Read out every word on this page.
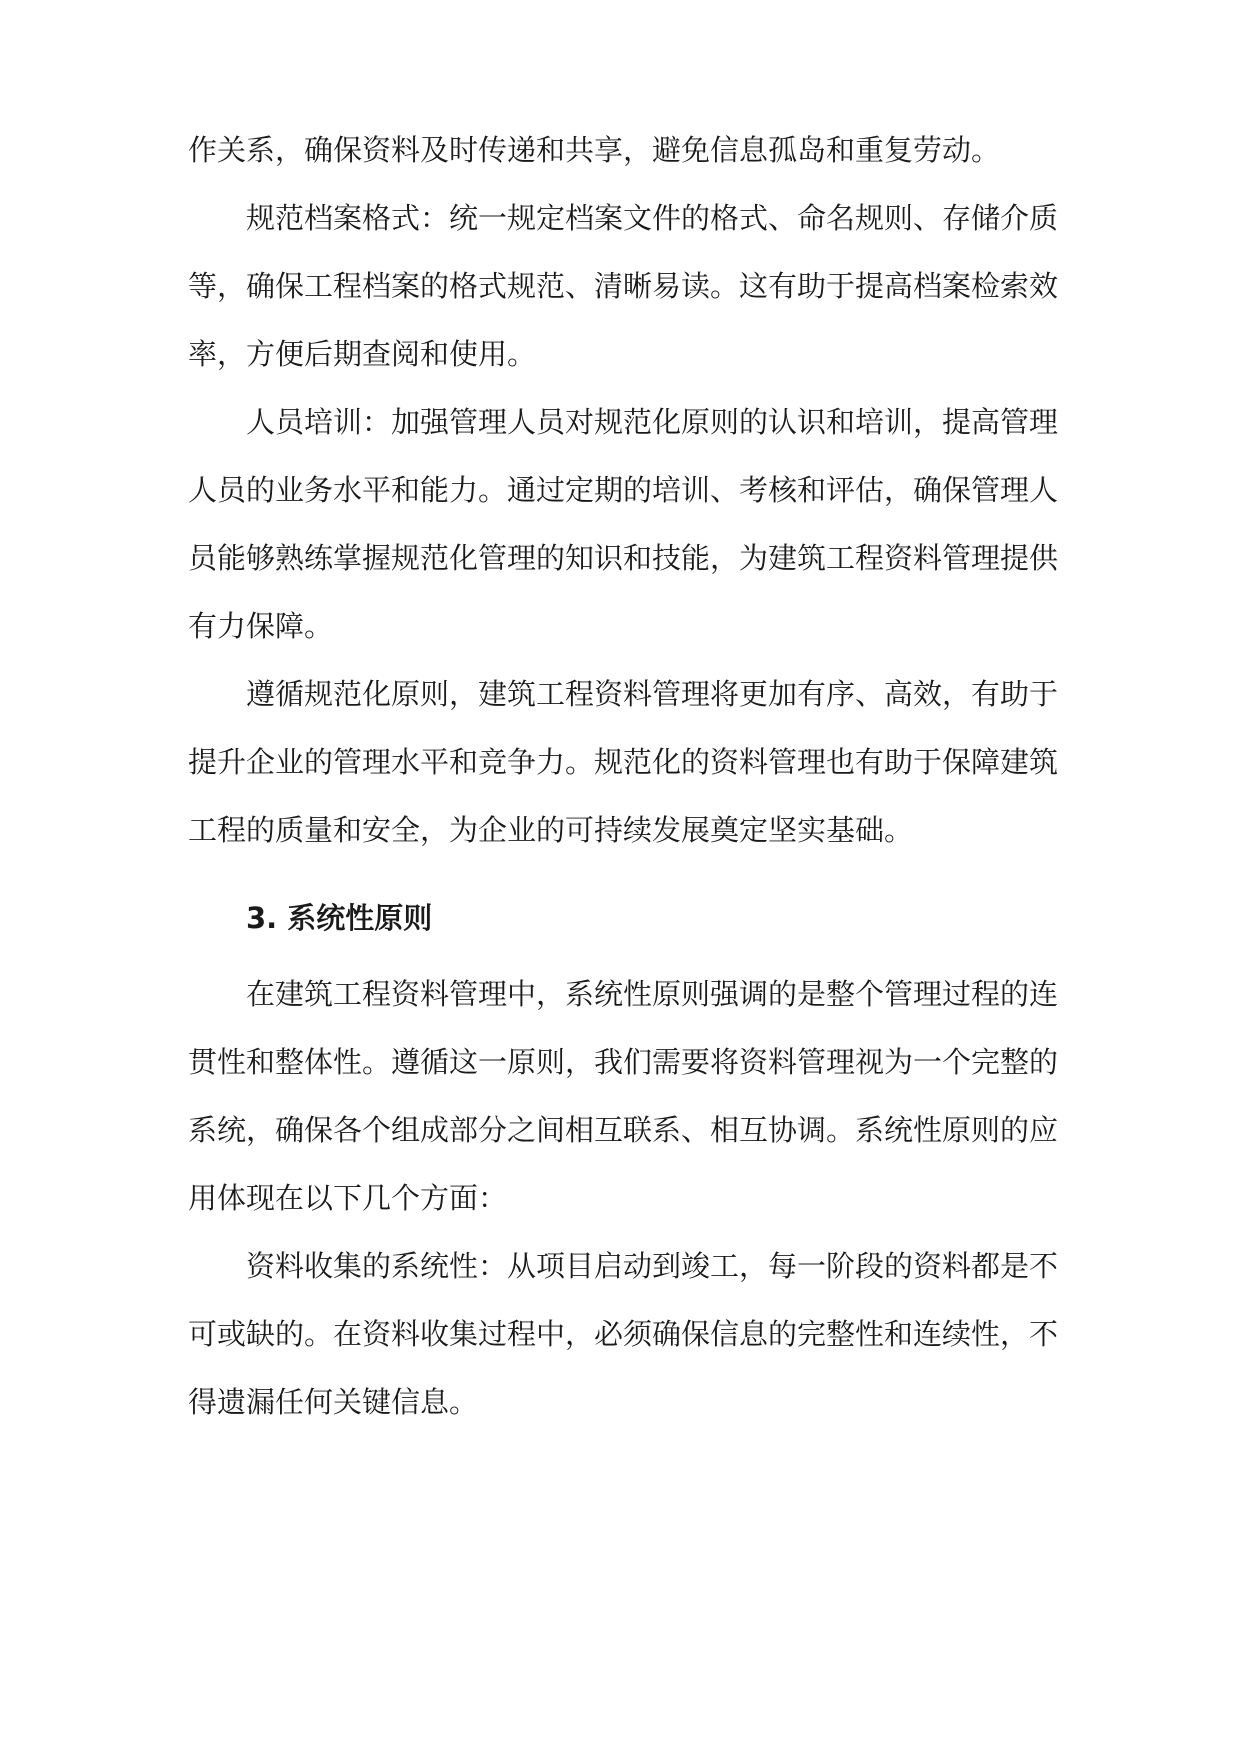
作关系，确保资料及时传递和共享，避免信息孤岛和重复劳动。
规范档案格式：统一规定档案文件的格式、命名规则、存储介质
等，确保工程档案的格式规范、清晰易读。这有助于提高档案检索效
率，方便后期查阅和使用。
人员培训：加强管理人员对规范化原则的认识和培训，提高管理
人员的业务水平和能力。通过定期的培训、考核和评估，确保管理人
员能够熟练掌握规范化管理的知识和技能，为建筑工程资料管理提供
有力保障。
遵循规范化原则，建筑工程资料管理将更加有序、高效，有助于
提升企业的管理水平和竞争力。规范化的资料管理也有助于保障建筑
工程的质量和安全，为企业的可持续发展奠定坚实基础。
3. 系统性原则
在建筑工程资料管理中，系统性原则强调的是整个管理过程的连
贯性和整体性。遵循这一原则，我们需要将资料管理视为一个完整的
系统，确保各个组成部分之间相互联系、相互协调。系统性原则的应
用体现在以下几个方面：
资料收集的系统性：从项目启动到竣工，每一阶段的资料都是不
可或缺的。在资料收集过程中，必须确保信息的完整性和连续性，不
得遗漏任何关键信息。
